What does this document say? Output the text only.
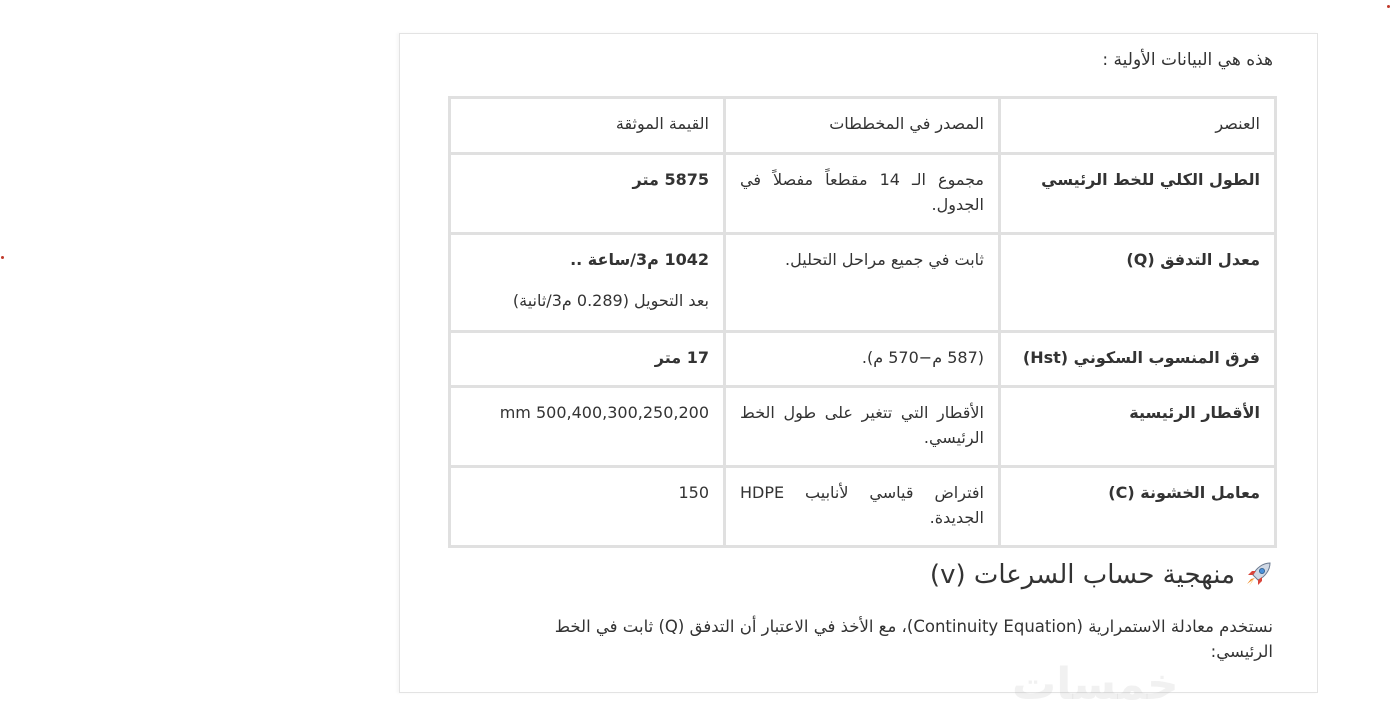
هذه هي البيانات الأولية :

العنصر	المصدر في المخططات	القيمة الموثقة
الطول الكلي للخط الرئيسي	مجموع الـ 14 مقطعاً مفصلاً في الجدول.	5875 متر
معدل التدفق (Q)	ثابت في جميع مراحل التحليل.	1042 م3/ساعة ..
بعد التحويل (0.289 م3/ثانية)

فرق المنسوب السكوني (Hst)	(587 م−570 م).	17 متر
الأقطار الرئيسية	الأقطار التي تتغير على طول الخط الرئيسي.	mm 500,400,300,250,200
معامل الخشونة (C)	افتراض قياسي لأنابيب HDPE الجديدة.	150
منهجية حساب السرعات (v)

نستخدم معادلة الاستمرارية (Continuity Equation)، مع الأخذ في الاعتبار أن التدفق (Q) ثابت في الخط الرئيسي:

خمسات
